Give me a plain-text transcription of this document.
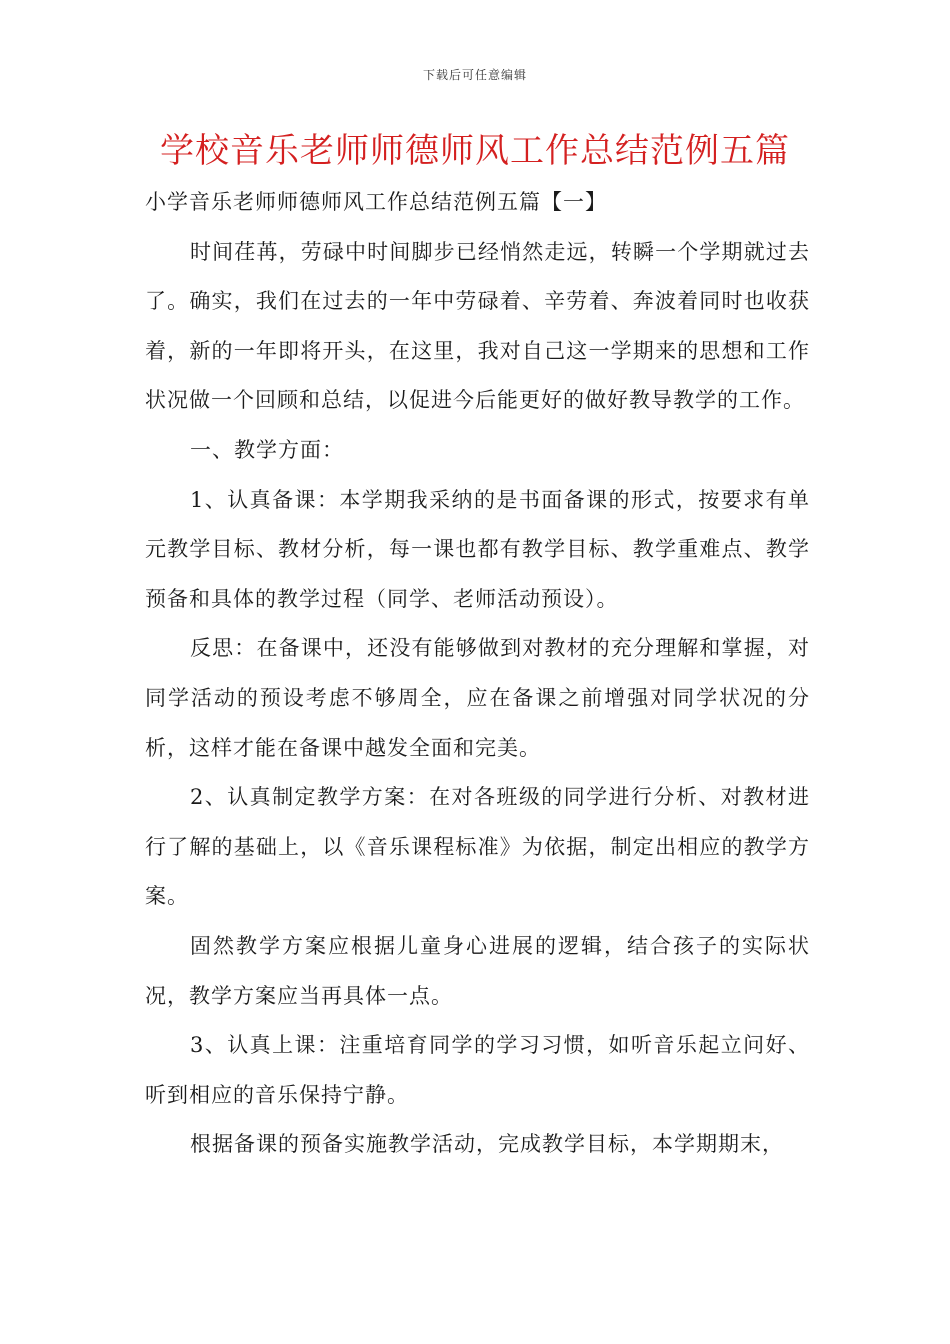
下载后可任意编辑
学校音乐老师师德师风工作总结范例五篇

小学音乐老师师德师风工作总结范例五篇【一】

时间荏苒，劳碌中时间脚步已经悄然走远，转瞬一个学期就过去了。确实，我们在过去的一年中劳碌着、辛劳着、奔波着同时也收获着，新的一年即将开头，在这里，我对自己这一学期来的思想和工作状况做一个回顾和总结，以促进今后能更好的做好教导教学的工作。

一、教学方面：

1、认真备课：本学期我采纳的是书面备课的形式，按要求有单元教学目标、教材分析，每一课也都有教学目标、教学重难点、教学预备和具体的教学过程（同学、老师活动预设）。

反思：在备课中，还没有能够做到对教材的充分理解和掌握，对同学活动的预设考虑不够周全，应在备课之前增强对同学状况的分析，这样才能在备课中越发全面和完美。

2、认真制定教学方案：在对各班级的同学进行分析、对教材进行了解的基础上，以《音乐课程标准》为依据，制定出相应的教学方案。

固然教学方案应根据儿童身心进展的逻辑，结合孩子的实际状况，教学方案应当再具体一点。

3、认真上课：注重培育同学的学习习惯，如听音乐起立问好、听到相应的音乐保持宁静。

根据备课的预备实施教学活动，完成教学目标，本学期期末，
